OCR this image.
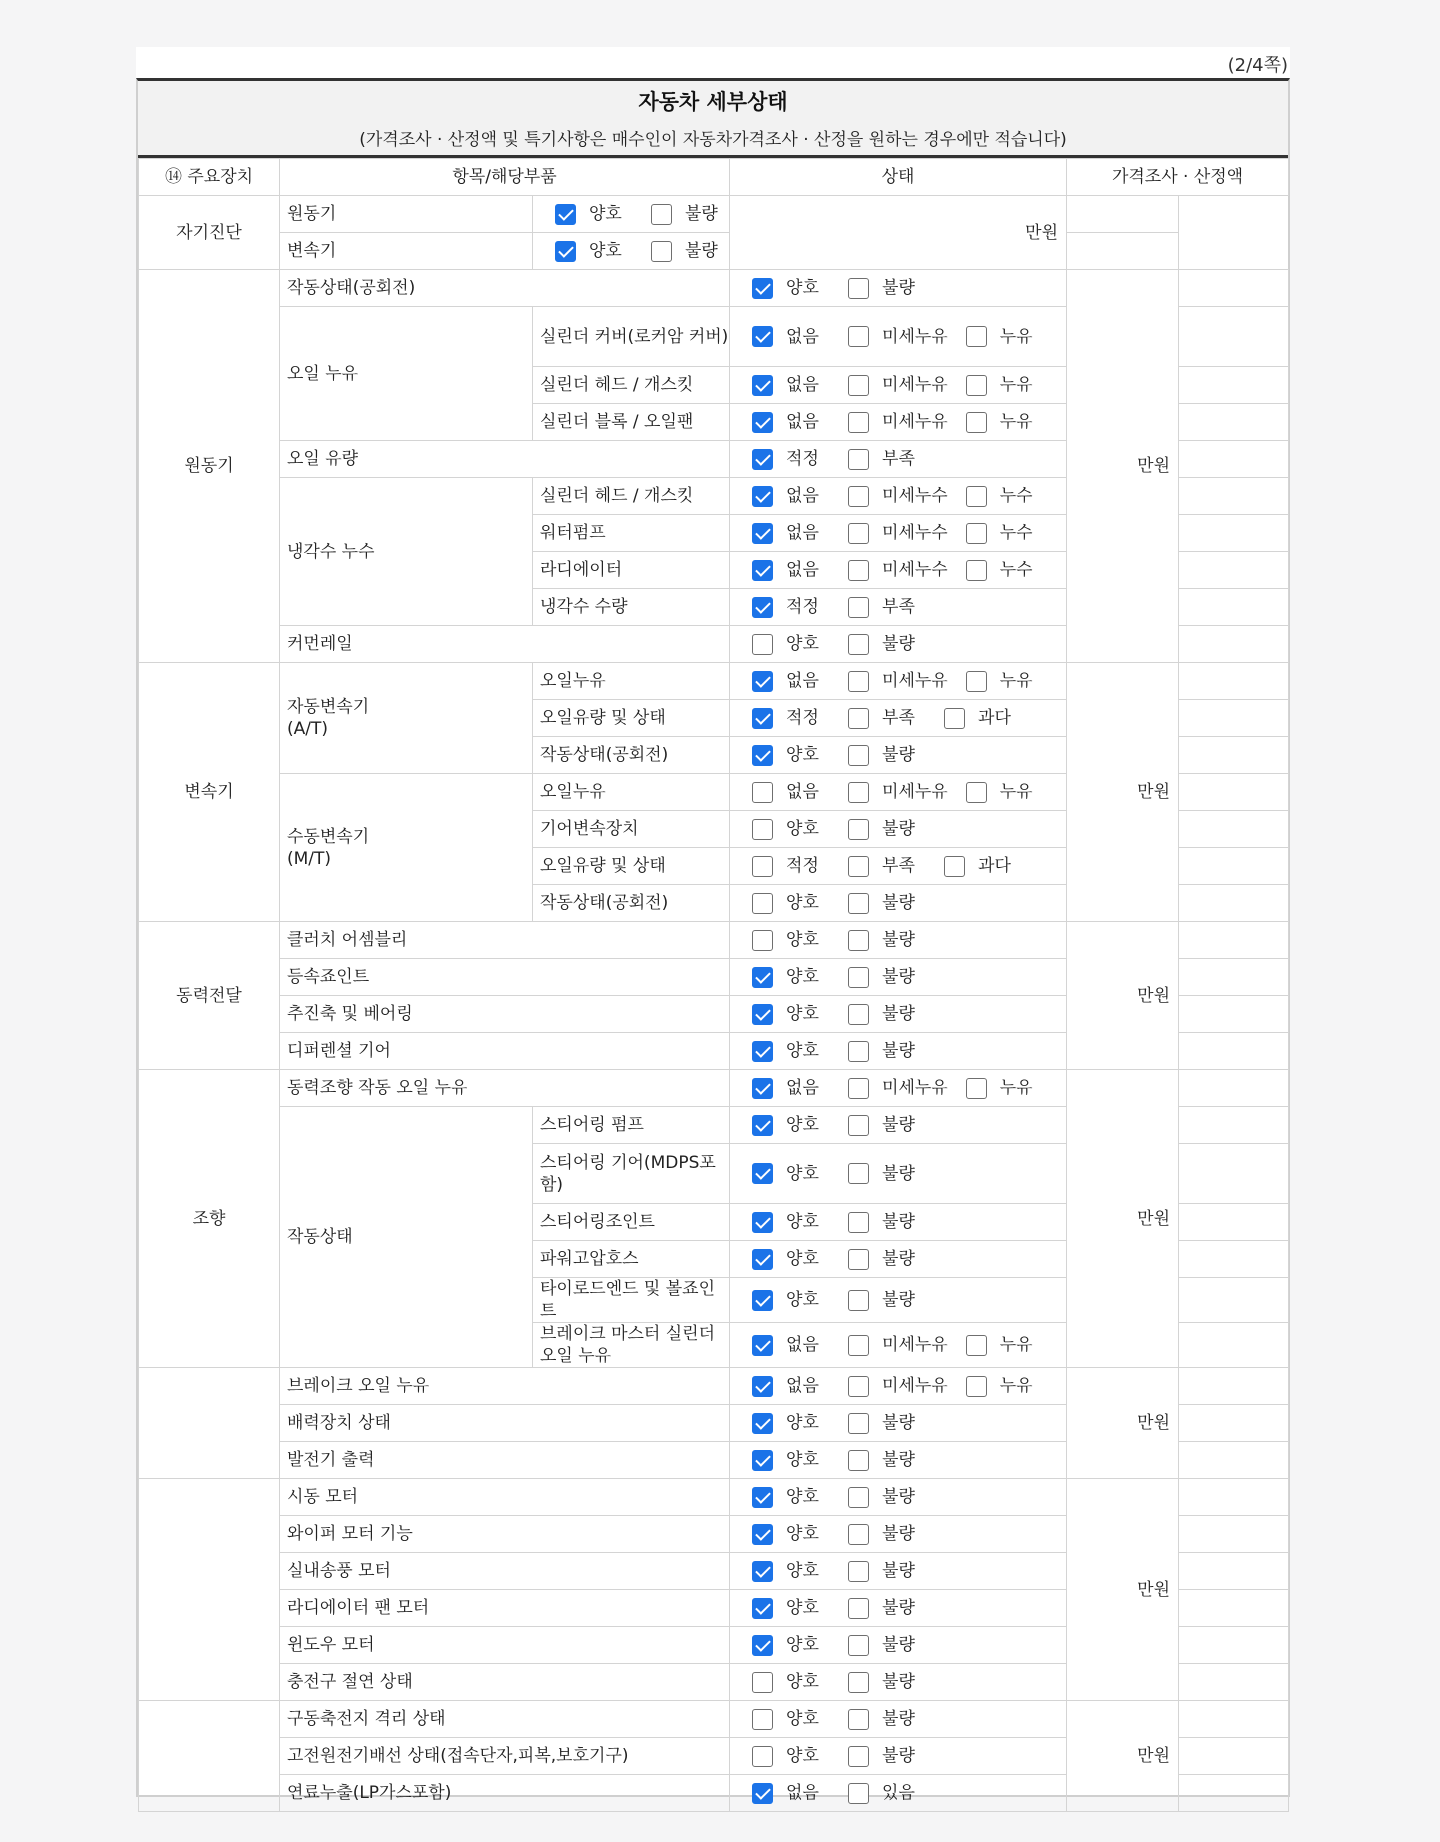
(2/4쪽)
자동차 세부상태
(가격조사 · 산정액 및 특기사항은 매수인이 자동차가격조사 · 산정을 원하는 경우에만 적습니다)
⑭ 주요장치	항목/해당부품		상태	가격조사 · 산정액	
자기진단	원동기	양호 불량	만원		
	변속기	양호 불량			
원동기	작동상태(공회전)		양호 불량	만원	
	오일 누유	실린더 커버(로커암 커버)	없음 미세누유 누유		
		실린더 헤드 / 개스킷	없음 미세누유 누유		
		실린더 블록 / 오일팬	없음 미세누유 누유		
	오일 유량		적정 부족		
	냉각수 누수	실린더 헤드 / 개스킷	없음 미세누수 누수		
		워터펌프	없음 미세누수 누수		
		라디에이터	없음 미세누수 누수		
		냉각수 수량	적정 부족		
	커먼레일		양호 불량		
변속기	자동변속기
(A/T)	오일누유	없음 미세누유 누유	만원	
		오일유량 및 상태	적정 부족 과다		
		작동상태(공회전)	양호 불량		
	수동변속기
(M/T)	오일누유	없음 미세누유 누유		
		기어변속장치	양호 불량		
		오일유량 및 상태	적정 부족 과다		
		작동상태(공회전)	양호 불량		
동력전달	클러치 어셈블리		양호 불량	만원	
	등속죠인트		양호 불량		
	추진축 및 베어링		양호 불량		
	디퍼렌셜 기어		양호 불량		
조향	동력조향 작동 오일 누유		없음 미세누유 누유	만원	
	작동상태	스티어링 펌프	양호 불량		
		스티어링 기어(MDPS포함)	양호 불량		
		스티어링조인트	양호 불량		
		파워고압호스	양호 불량		
		타이로드엔드 및 볼죠인트	양호 불량		
		브레이크 마스터 실린더오일 누유	없음 미세누유 누유		
	브레이크 오일 누유		없음 미세누유 누유	만원	
	배력장치 상태		양호 불량		
	발전기 출력		양호 불량		
	시동 모터		양호 불량	만원	
	와이퍼 모터 기능		양호 불량		
	실내송풍 모터		양호 불량		
	라디에이터 팬 모터		양호 불량		
	윈도우 모터		양호 불량		
	충전구 절연 상태		양호 불량		
	구동축전지 격리 상태		양호 불량	만원	
	고전원전기배선 상태(접속단자,피복,보호기구)		양호 불량		
	연료누출(LP가스포함)		없음 있음		
